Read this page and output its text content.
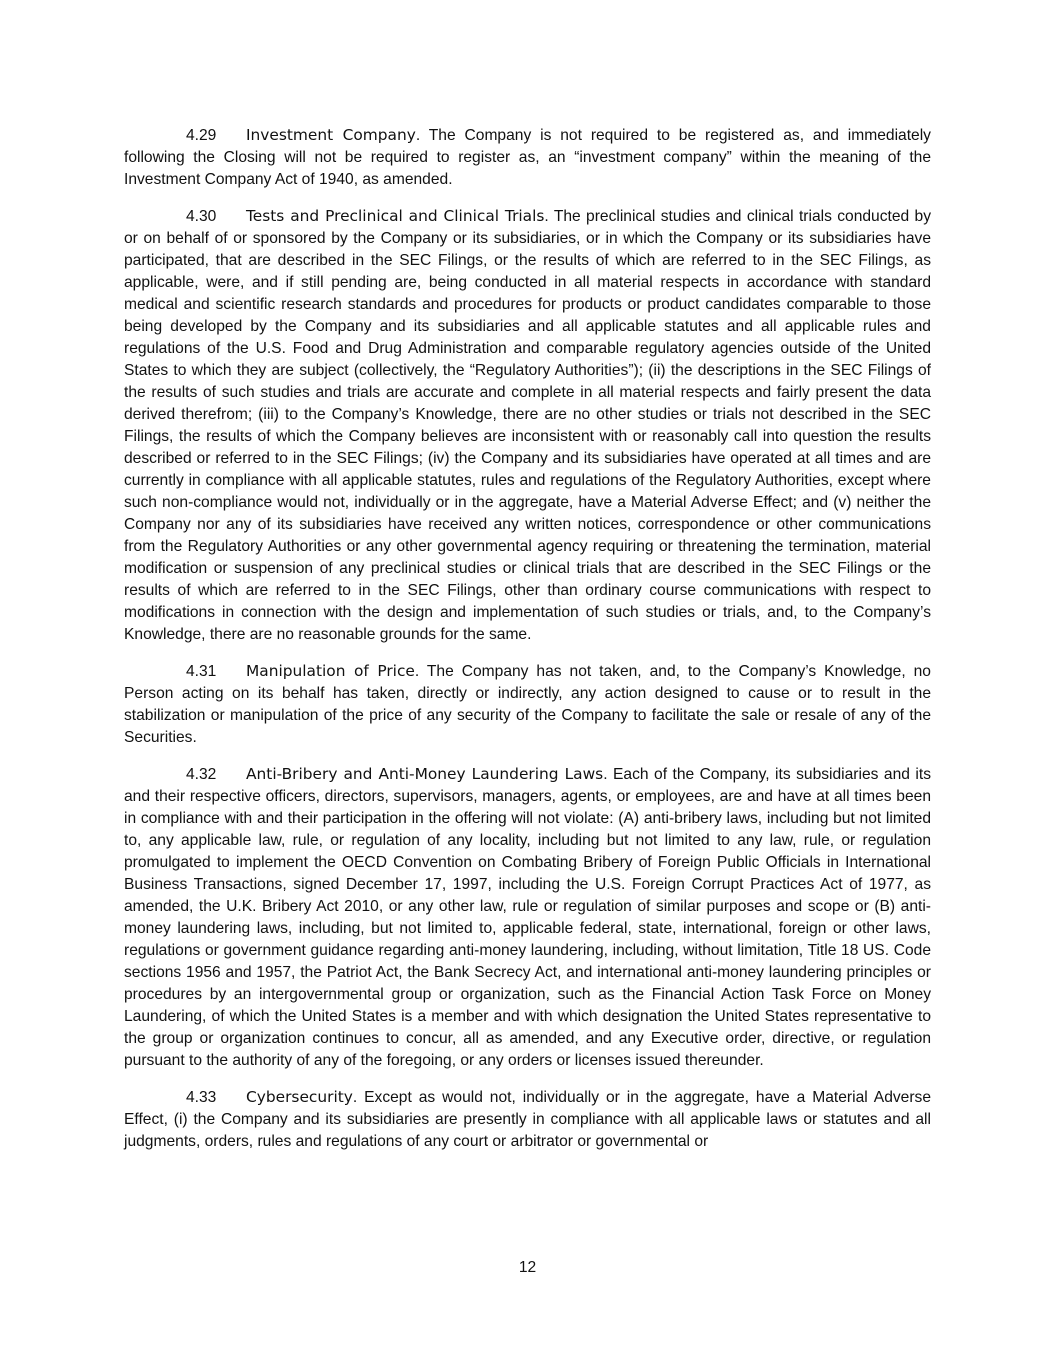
4.29 Investment Company. The Company is not required to be registered as, and immediately following the Closing will not be required to register as, an “investment company” within the meaning of the Investment Company Act of 1940, as amended.

4.30 Tests and Preclinical and Clinical Trials. The preclinical studies and clinical trials conducted by or on behalf of or sponsored by the Company or its subsidiaries, or in which the Company or its subsidiaries have participated, that are described in the SEC Filings, or the results of which are referred to in the SEC Filings, as applicable, were, and if still pending are, being conducted in all material respects in accordance with standard medical and scientific research standards and procedures for products or product candidates comparable to those being developed by the Company and its subsidiaries and all applicable statutes and all applicable rules and regulations of the U.S. Food and Drug Administration and comparable regulatory agencies outside of the United States to which they are subject (collectively, the “Regulatory Authorities”); (ii) the descriptions in the SEC Filings of the results of such studies and trials are accurate and complete in all material respects and fairly present the data derived therefrom; (iii) to the Company’s Knowledge, there are no other studies or trials not described in the SEC Filings, the results of which the Company believes are inconsistent with or reasonably call into question the results described or referred to in the SEC Filings; (iv) the Company and its subsidiaries have operated at all times and are currently in compliance with all applicable statutes, rules and regulations of the Regulatory Authorities, except where such non-compliance would not, individually or in the aggregate, have a Material Adverse Effect; and (v) neither the Company nor any of its subsidiaries have received any written notices, correspondence or other communications from the Regulatory Authorities or any other governmental agency requiring or threatening the termination, material modification or suspension of any preclinical studies or clinical trials that are described in the SEC Filings or the results of which are referred to in the SEC Filings, other than ordinary course communications with respect to modifications in connection with the design and implementation of such studies or trials, and, to the Company’s Knowledge, there are no reasonable grounds for the same.

4.31 Manipulation of Price. The Company has not taken, and, to the Company’s Knowledge, no Person acting on its behalf has taken, directly or indirectly, any action designed to cause or to result in the stabilization or manipulation of the price of any security of the Company to facilitate the sale or resale of any of the Securities.

4.32 Anti-Bribery and Anti-Money Laundering Laws. Each of the Company, its subsidiaries and its and their respective officers, directors, supervisors, managers, agents, or employees, are and have at all times been in compliance with and their participation in the offering will not violate: (A) anti-bribery laws, including but not limited to, any applicable law, rule, or regulation of any locality, including but not limited to any law, rule, or regulation promulgated to implement the OECD Convention on Combating Bribery of Foreign Public Officials in International Business Transactions, signed December 17, 1997, including the U.S. Foreign Corrupt Practices Act of 1977, as amended, the U.K. Bribery Act 2010, or any other law, rule or regulation of similar purposes and scope or (B) anti-money laundering laws, including, but not limited to, applicable federal, state, international, foreign or other laws, regulations or government guidance regarding anti-money laundering, including, without limitation, Title 18 US. Code sections 1956 and 1957, the Patriot Act, the Bank Secrecy Act, and international anti-money laundering principles or procedures by an intergovernmental group or organization, such as the Financial Action Task Force on Money Laundering, of which the United States is a member and with which designation the United States representative to the group or organization continues to concur, all as amended, and any Executive order, directive, or regulation pursuant to the authority of any of the foregoing, or any orders or licenses issued thereunder.

4.33 Cybersecurity. Except as would not, individually or in the aggregate, have a Material Adverse Effect, (i) the Company and its subsidiaries are presently in compliance with all applicable laws or statutes and all judgments, orders, rules and regulations of any court or arbitrator or governmental or

12
